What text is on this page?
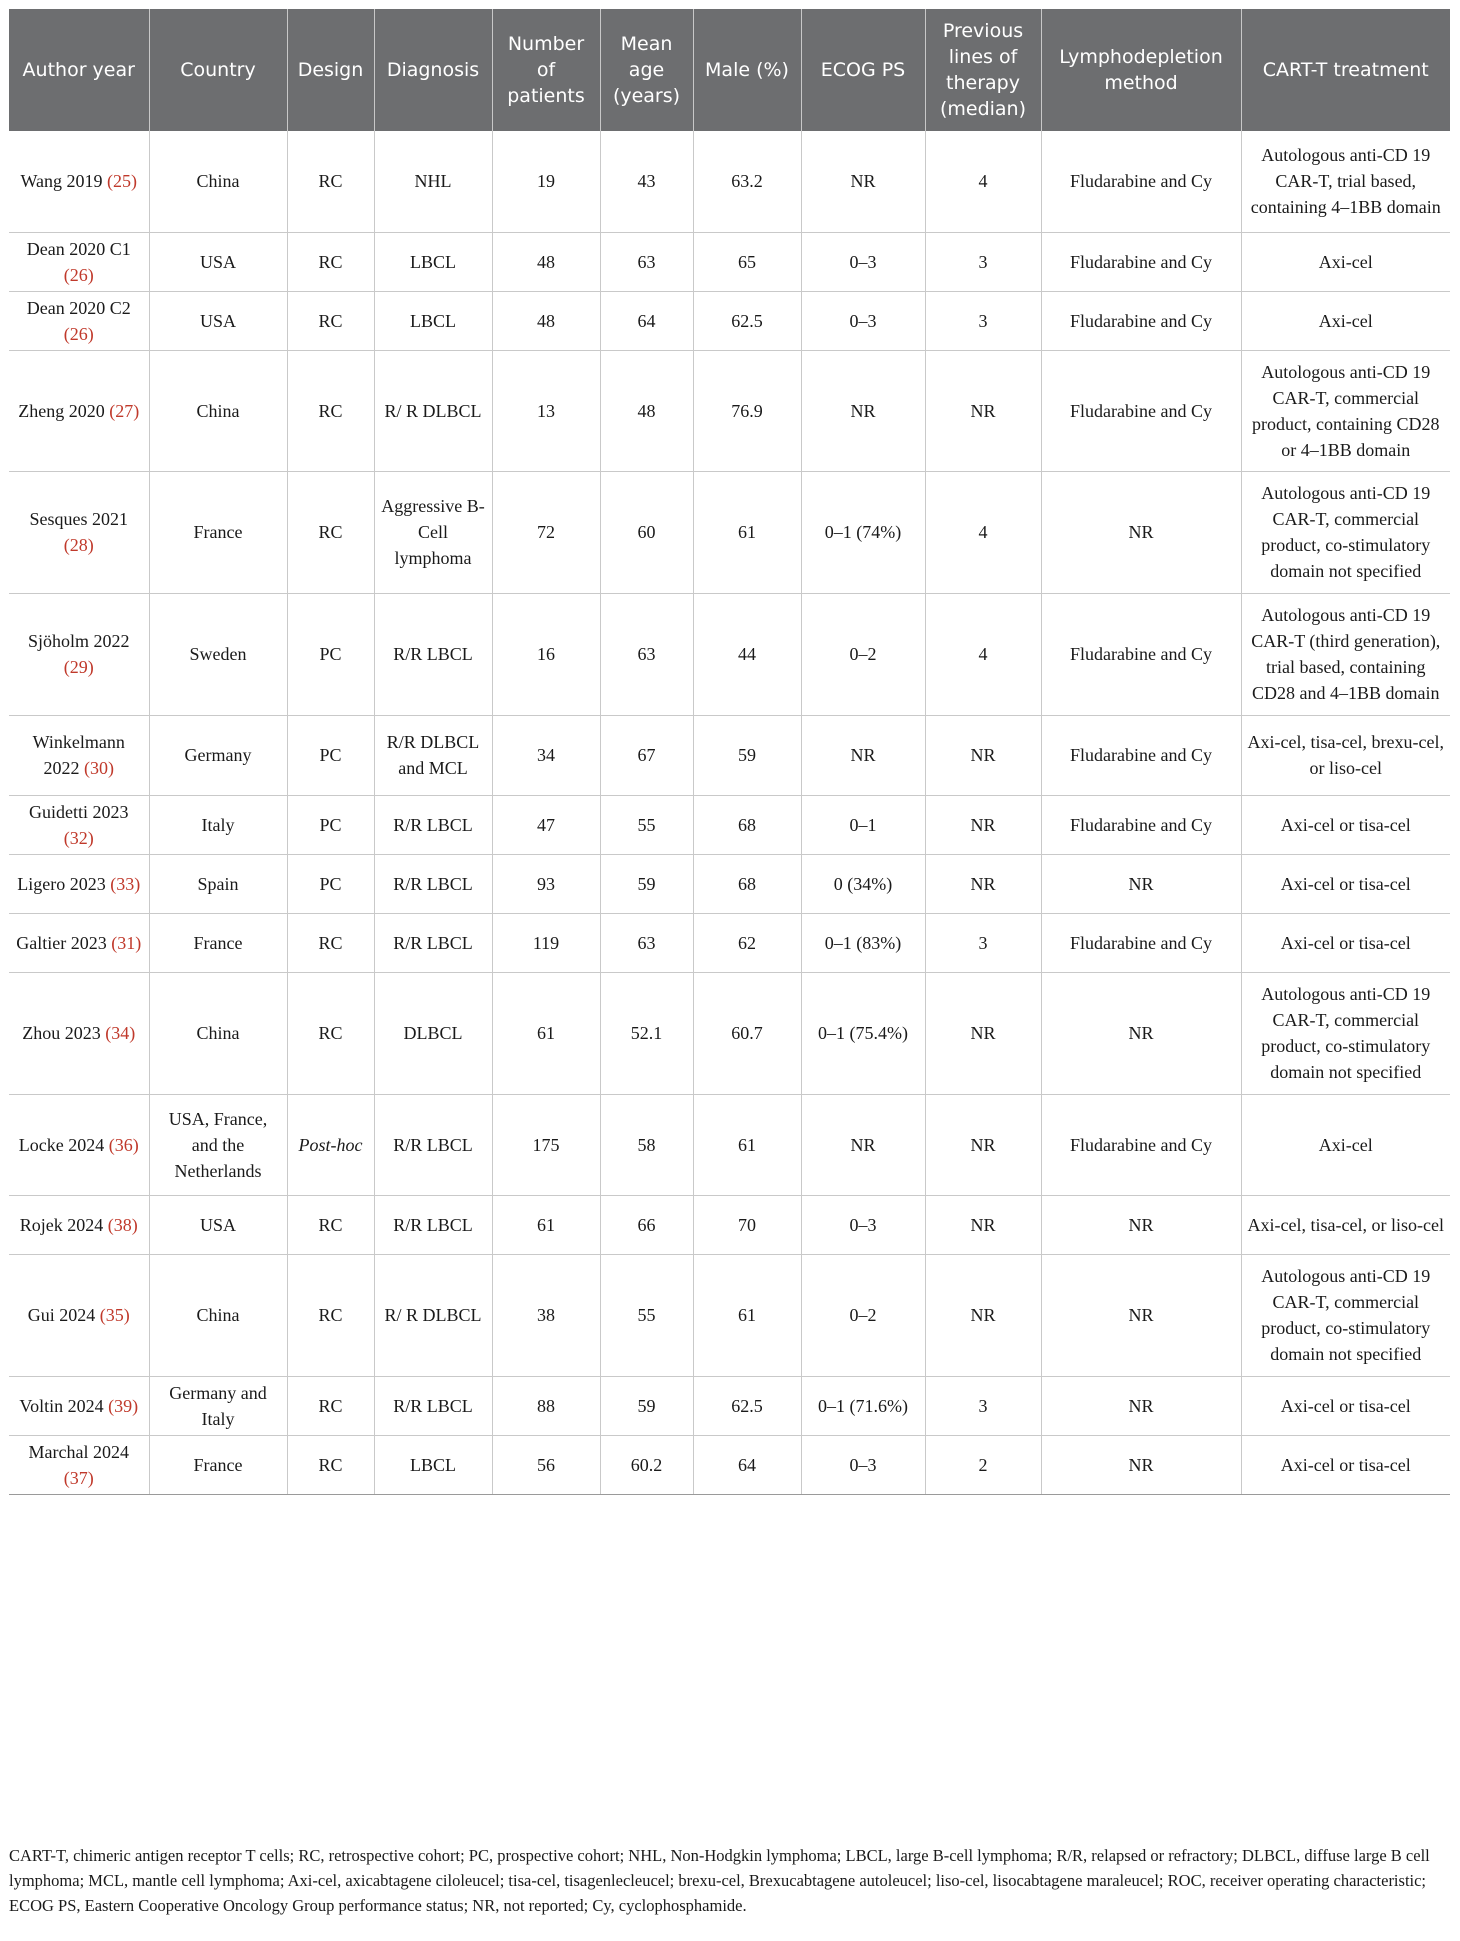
Author year	Country	Design	Diagnosis	Number of patients	Mean age (years)	Male (%)	ECOG PS	Previous lines of therapy (median)	Lymphodepletion method	CART-T treatment
Wang 2019 (25)	China	RC	NHL	19	43	63.2	NR	4	Fludarabine and Cy	Autologous anti-CD 19 CAR-T, trial based, containing 4–1BB domain
Dean 2020 C1 (26)	USA	RC	LBCL	48	63	65	0–3	3	Fludarabine and Cy	Axi-cel
Dean 2020 C2 (26)	USA	RC	LBCL	48	64	62.5	0–3	3	Fludarabine and Cy	Axi-cel
Zheng 2020 (27)	China	RC	R/ R DLBCL	13	48	76.9	NR	NR	Fludarabine and Cy	Autologous anti-CD 19 CAR-T, commercial product, containing CD28 or 4–1BB domain
Sesques 2021 (28)	France	RC	Aggressive B-Cell lymphoma	72	60	61	0–1 (74%)	4	NR	Autologous anti-CD 19 CAR-T, commercial product, co-stimulatory domain not specified
Sjöholm 2022 (29)	Sweden	PC	R/R LBCL	16	63	44	0–2	4	Fludarabine and Cy	Autologous anti-CD 19 CAR-T (third generation), trial based, containing CD28 and 4–1BB domain
Winkelmann 2022 (30)	Germany	PC	R/R DLBCL and MCL	34	67	59	NR	NR	Fludarabine and Cy	Axi-cel, tisa-cel, brexu-cel, or liso-cel
Guidetti 2023 (32)	Italy	PC	R/R LBCL	47	55	68	0–1	NR	Fludarabine and Cy	Axi-cel or tisa-cel
Ligero 2023 (33)	Spain	PC	R/R LBCL	93	59	68	0 (34%)	NR	NR	Axi-cel or tisa-cel
Galtier 2023 (31)	France	RC	R/R LBCL	119	63	62	0–1 (83%)	3	Fludarabine and Cy	Axi-cel or tisa-cel
Zhou 2023 (34)	China	RC	DLBCL	61	52.1	60.7	0–1 (75.4%)	NR	NR	Autologous anti-CD 19 CAR-T, commercial product, co-stimulatory domain not specified
Locke 2024 (36)	USA, France, and the Netherlands	Post-hoc	R/R LBCL	175	58	61	NR	NR	Fludarabine and Cy	Axi-cel
Rojek 2024 (38)	USA	RC	R/R LBCL	61	66	70	0–3	NR	NR	Axi-cel, tisa-cel, or liso-cel
Gui 2024 (35)	China	RC	R/ R DLBCL	38	55	61	0–2	NR	NR	Autologous anti-CD 19 CAR-T, commercial product, co-stimulatory domain not specified
Voltin 2024 (39)	Germany and Italy	RC	R/R LBCL	88	59	62.5	0–1 (71.6%)	3	NR	Axi-cel or tisa-cel
Marchal 2024 (37)	France	RC	LBCL	56	60.2	64	0–3	2	NR	Axi-cel or tisa-cel
CART-T, chimeric antigen receptor T cells; RC, retrospective cohort; PC, prospective cohort; NHL, Non-Hodgkin lymphoma; LBCL, large B-cell lymphoma; R/R, relapsed or refractory; DLBCL, diffuse large B cell lymphoma; MCL, mantle cell lymphoma; Axi-cel, axicabtagene ciloleucel; tisa-cel, tisagenlecleucel; brexu-cel, Brexucabtagene autoleucel; liso-cel, lisocabtagene maraleucel; ROC, receiver operating characteristic; ECOG PS, Eastern Cooperative Oncology Group performance status; NR, not reported; Cy, cyclophosphamide.
